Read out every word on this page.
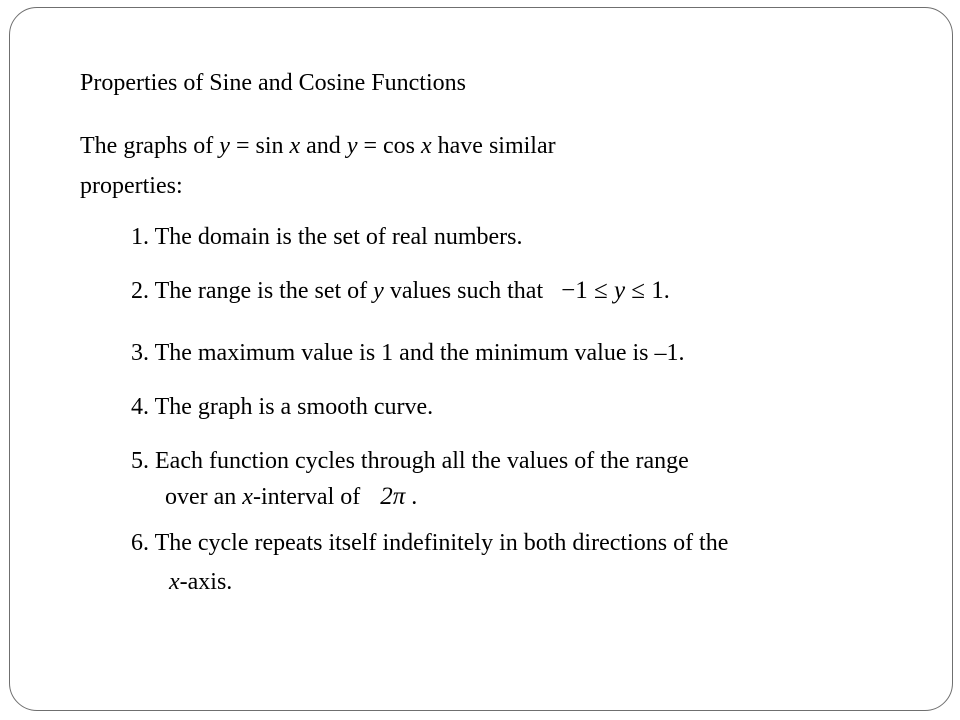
Properties of Sine and Cosine Functions
The graphs of y = sin x and y = cos x have similar
properties:
1. The domain is the set of real numbers.
2. The range is the set of y values such that −1 ≤ y ≤ 1.
3. The maximum value is 1 and the minimum value is –1.
4. The graph is a smooth curve.
5. Each function cycles through all the values of the range
over an x-interval of 2π .
6. The cycle repeats itself indefinitely in both directions of the
x-axis.
